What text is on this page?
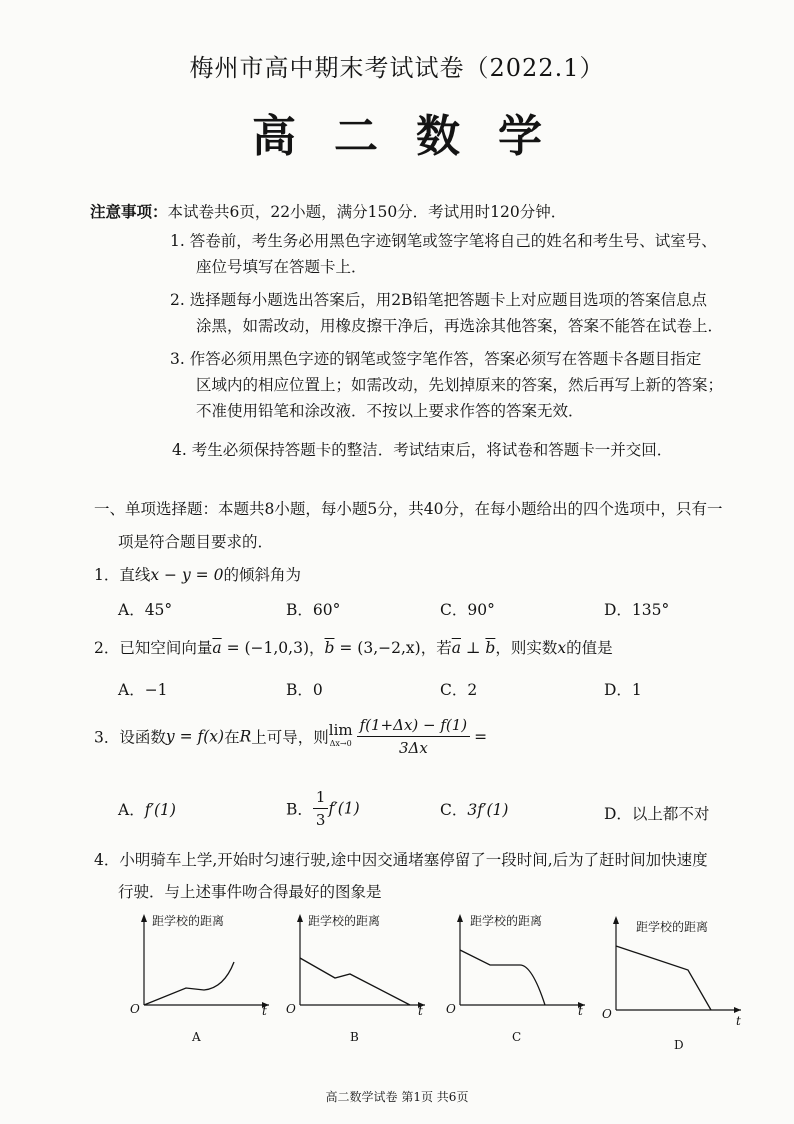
梅州市高中期末考试试卷（2022.1）
高二数学
注意事项：本试卷共6页，22小题，满分150分．考试用时120分钟．
1. 答卷前，考生务必用黑色字迹钢笔或签字笔将自己的姓名和考生号、试室号、
座位号填写在答题卡上．
2. 选择题每小题选出答案后，用2B铅笔把答题卡上对应题目选项的答案信息点
涂黑，如需改动，用橡皮擦干净后，再选涂其他答案，答案不能答在试卷上．
3. 作答必须用黑色字迹的钢笔或签字笔作答，答案必须写在答题卡各题目指定
区域内的相应位置上；如需改动，先划掉原来的答案，然后再写上新的答案；
不准使用铅笔和涂改液．不按以上要求作答的答案无效．
4. 考生必须保持答题卡的整洁．考试结束后，将试卷和答题卡一并交回．
一、单项选择题：本题共8小题，每小题5分，共40分，在每小题给出的四个选项中，只有一
项是符合题目要求的．
1．直线x − y = 0的倾斜角为
A．45°	B．60°	C．90°	D．135°
2．已知空间向量$\overline{a} = (-1,0,3)$，$\overline{b} = (3,-2,x)$，若$\overline{a}$ ⊥ $\overline{b}$，则实数x的值是
A．−1	B．0	C．2	D．1
3．设函数y = f(x)在R上可导，则 lim
$\Delta x\to 0 \frac{f(1+\Delta x) - f(1)}{3\Delta x}$ =
A．f′(1)	B． $\frac{1}{3} f'(1)$	C．3f′(1)	D．以上都不对
4．小明骑车上学,开始时匀速行驶,途中因交通堵塞停留了一段时间,后为了赶时间加快速度
行驶．与上述事件吻合得最好的图象是
距学校的距离
O	t
A
距学校的距离
O	t
B
距学校的距离
O	t
C
距学校的距离
O	t
D
高二数学试卷 第1页 共6页
